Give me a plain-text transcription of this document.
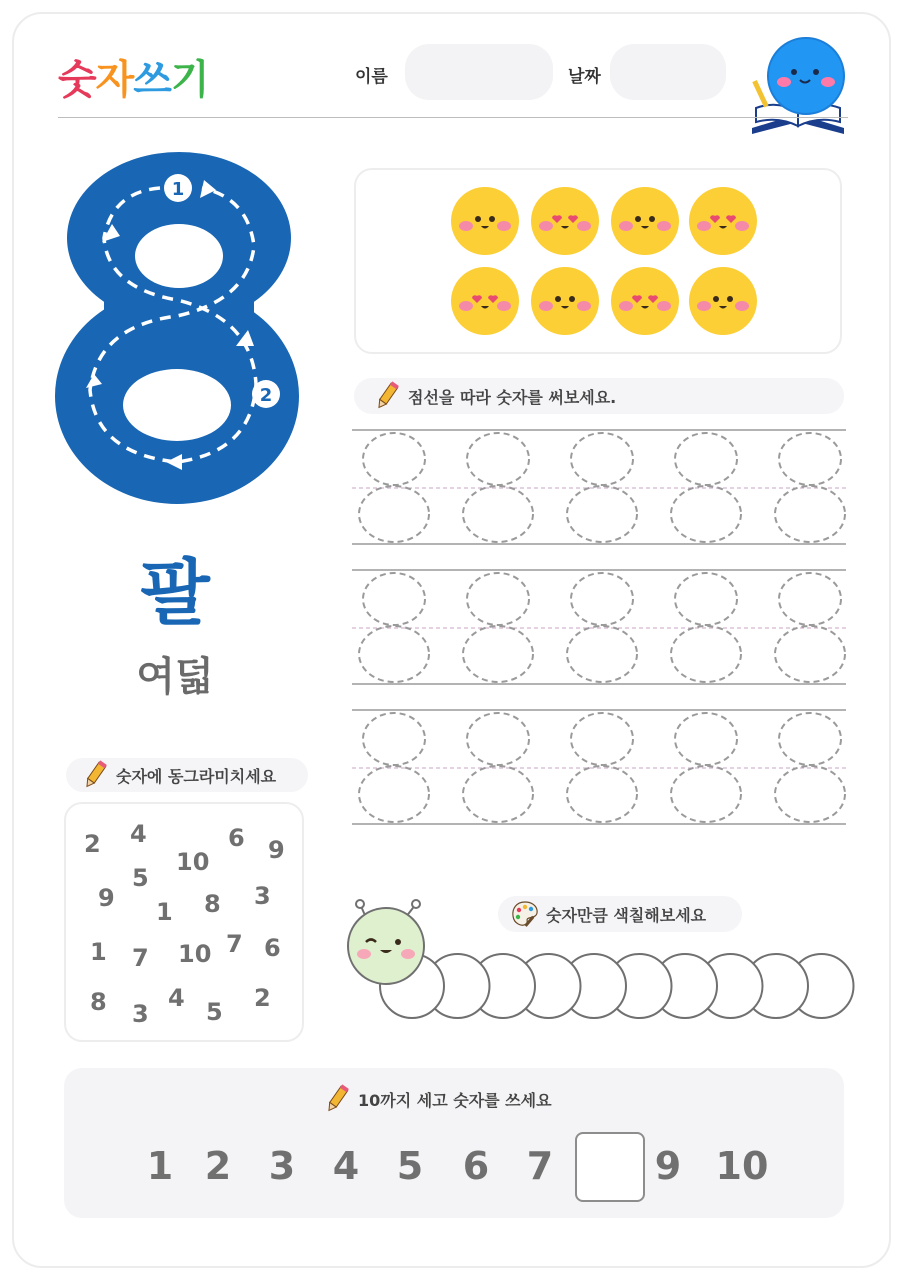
숫자쓰기	이름	날짜
1
2
팔
여덟
점선을 따라 숫자를 써보세요.
숫자에 동그라미치세요
2 4
10
6 9
5
9 1 8 3
1 7 10 7 6
8 3
4 5 2
숫자만큼 색칠해보세요
10까지 세고 숫자를 쓰세요
1 2 3 4 5 6 7	9 10
